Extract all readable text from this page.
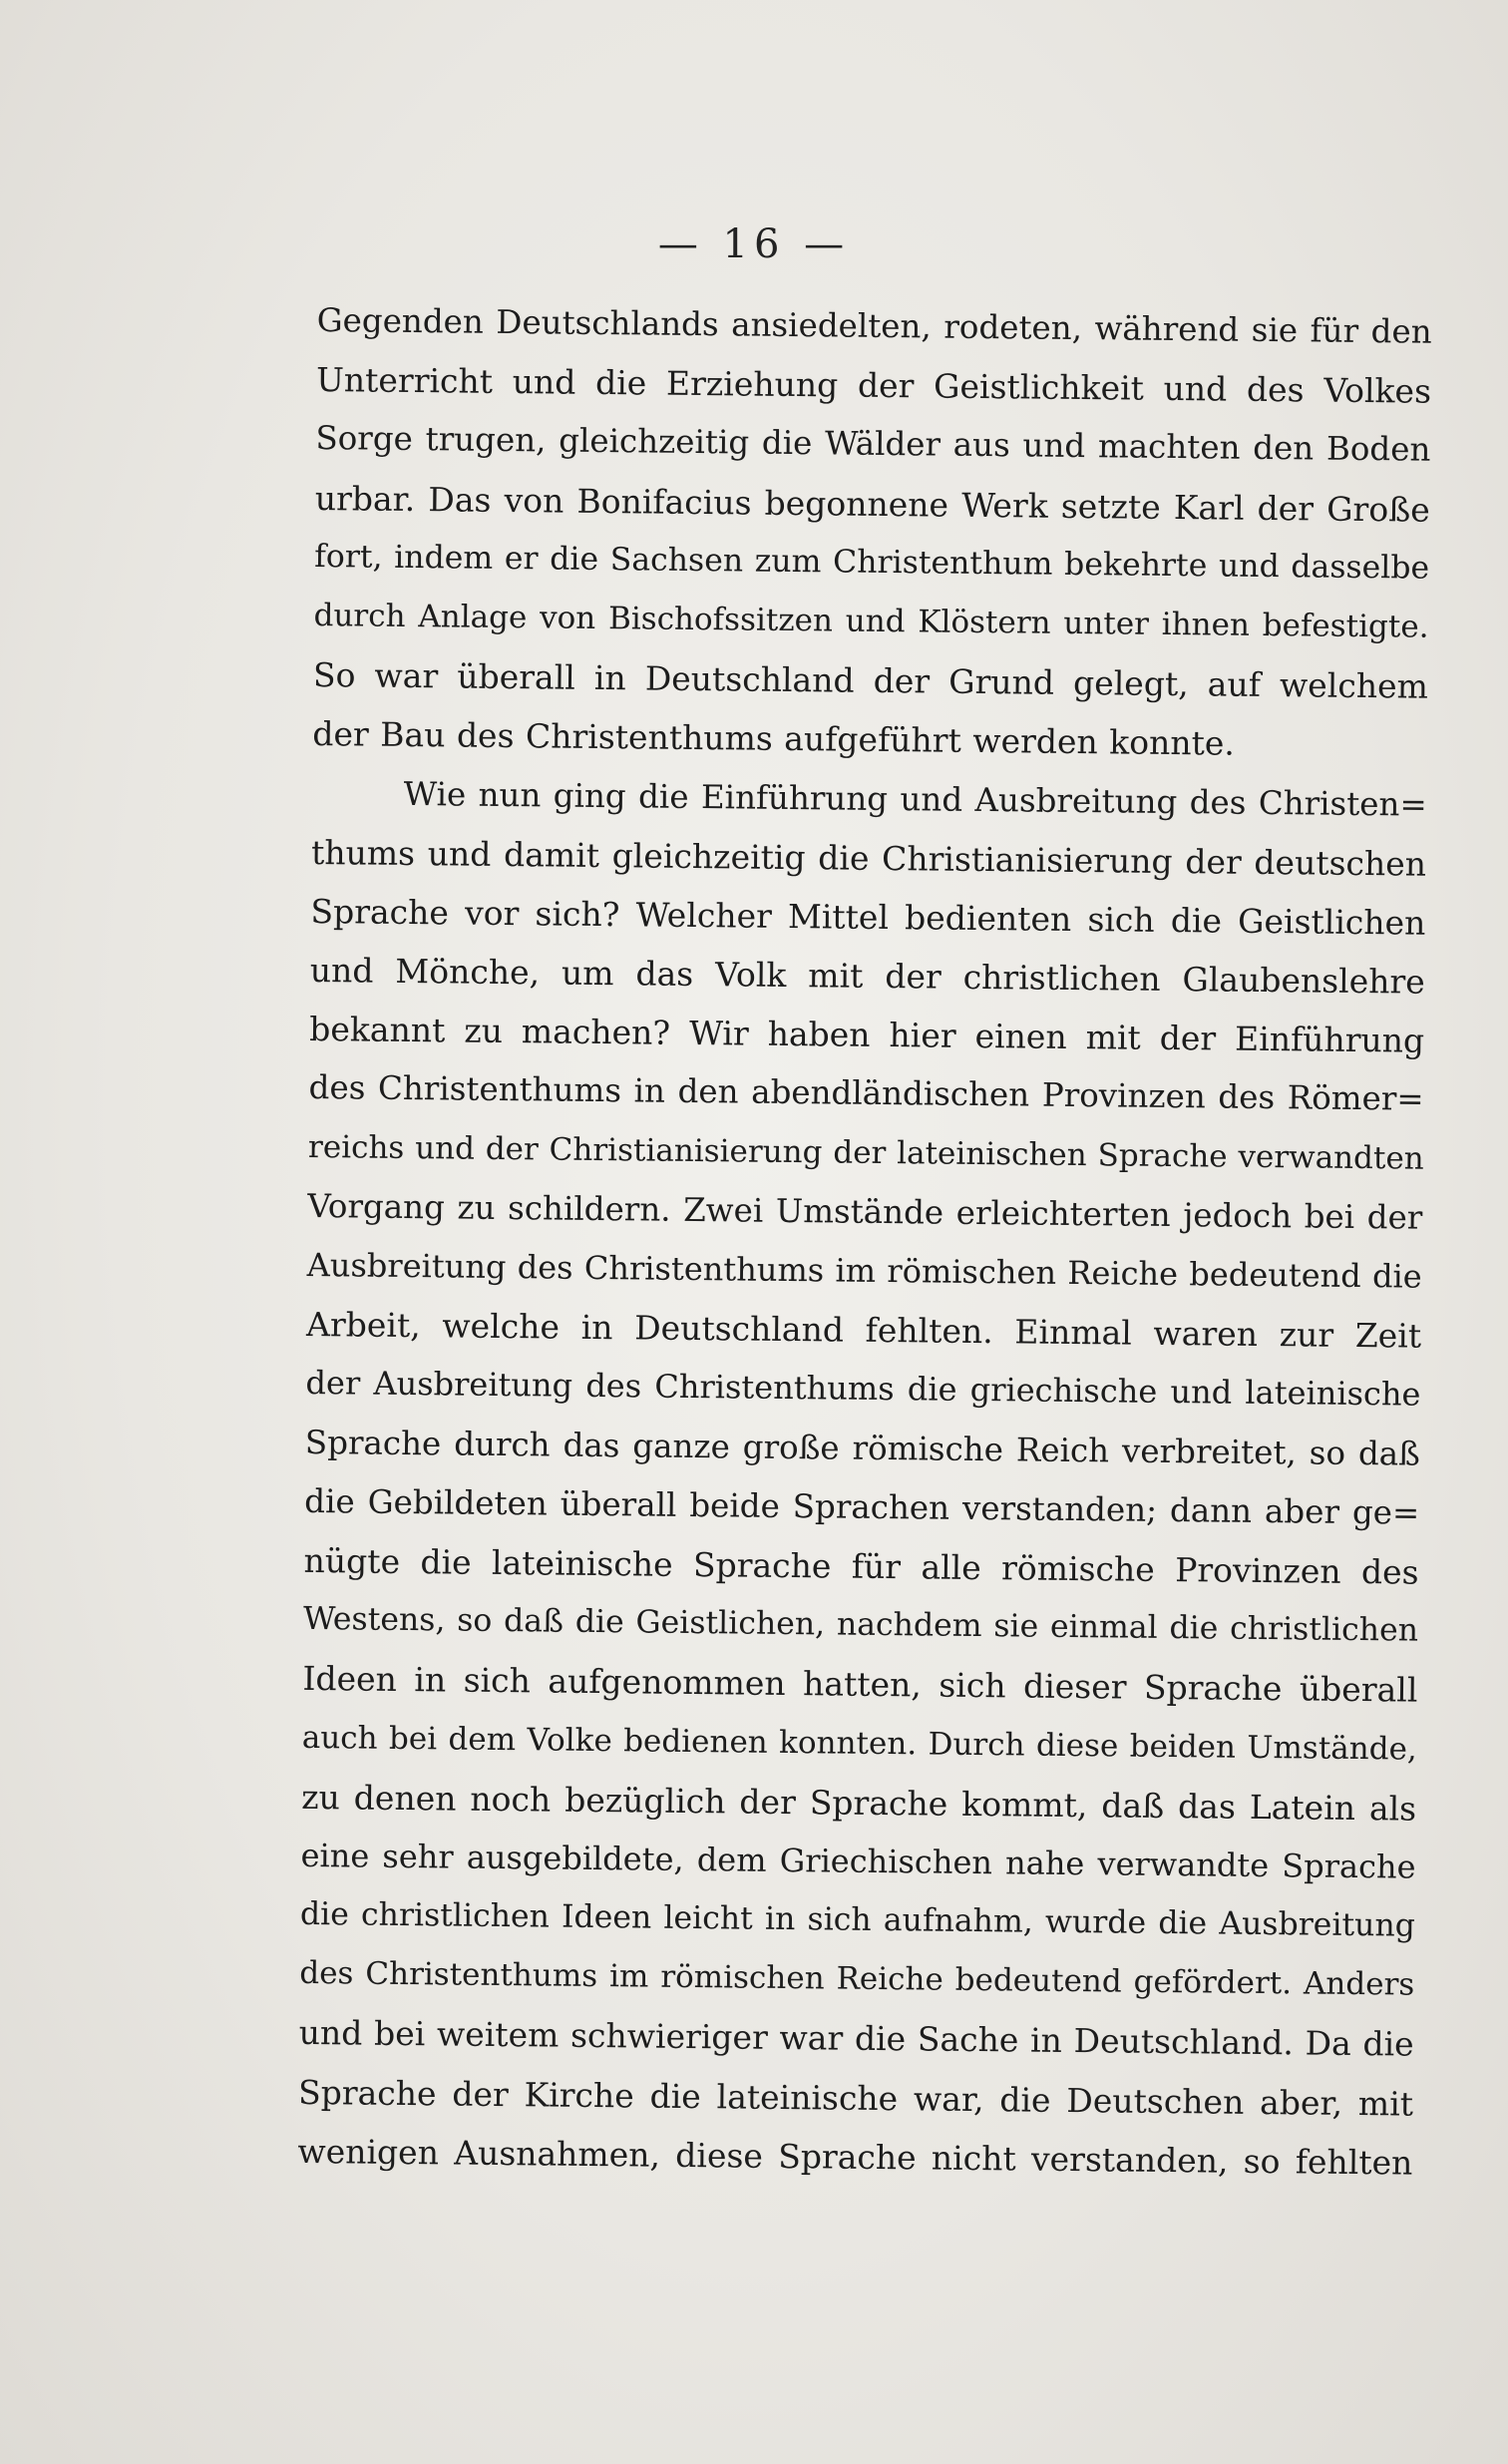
— 16 —
Gegenden Deutschlands ansiedelten, rodeten, während sie für den
Unterricht und die Erziehung der Geistlichkeit und des Volkes
Sorge trugen, gleichzeitig die Wälder aus und machten den Boden
urbar. Das von Bonifacius begonnene Werk setzte Karl der Große
fort, indem er die Sachsen zum Christenthum bekehrte und dasselbe
durch Anlage von Bischofssitzen und Klöstern unter ihnen befestigte.
So war überall in Deutschland der Grund gelegt, auf welchem
der Bau des Christenthums aufgeführt werden konnte.
Wie nun ging die Einführung und Ausbreitung des Christen=
thums und damit gleichzeitig die Christianisierung der deutschen
Sprache vor sich? Welcher Mittel bedienten sich die Geistlichen
und Mönche, um das Volk mit der christlichen Glaubenslehre
bekannt zu machen? Wir haben hier einen mit der Einführung
des Christenthums in den abendländischen Provinzen des Römer=
reichs und der Christianisierung der lateinischen Sprache verwandten
Vorgang zu schildern. Zwei Umstände erleichterten jedoch bei der
Ausbreitung des Christenthums im römischen Reiche bedeutend die
Arbeit, welche in Deutschland fehlten. Einmal waren zur Zeit
der Ausbreitung des Christenthums die griechische und lateinische
Sprache durch das ganze große römische Reich verbreitet, so daß
die Gebildeten überall beide Sprachen verstanden; dann aber ge=
nügte die lateinische Sprache für alle römische Provinzen des
Westens, so daß die Geistlichen, nachdem sie einmal die christlichen
Ideen in sich aufgenommen hatten, sich dieser Sprache überall
auch bei dem Volke bedienen konnten. Durch diese beiden Umstände,
zu denen noch bezüglich der Sprache kommt, daß das Latein als
eine sehr ausgebildete, dem Griechischen nahe verwandte Sprache
die christlichen Ideen leicht in sich aufnahm, wurde die Ausbreitung
des Christenthums im römischen Reiche bedeutend gefördert. Anders
und bei weitem schwieriger war die Sache in Deutschland. Da die
Sprache der Kirche die lateinische war, die Deutschen aber, mit
wenigen Ausnahmen, diese Sprache nicht verstanden, so fehlten
